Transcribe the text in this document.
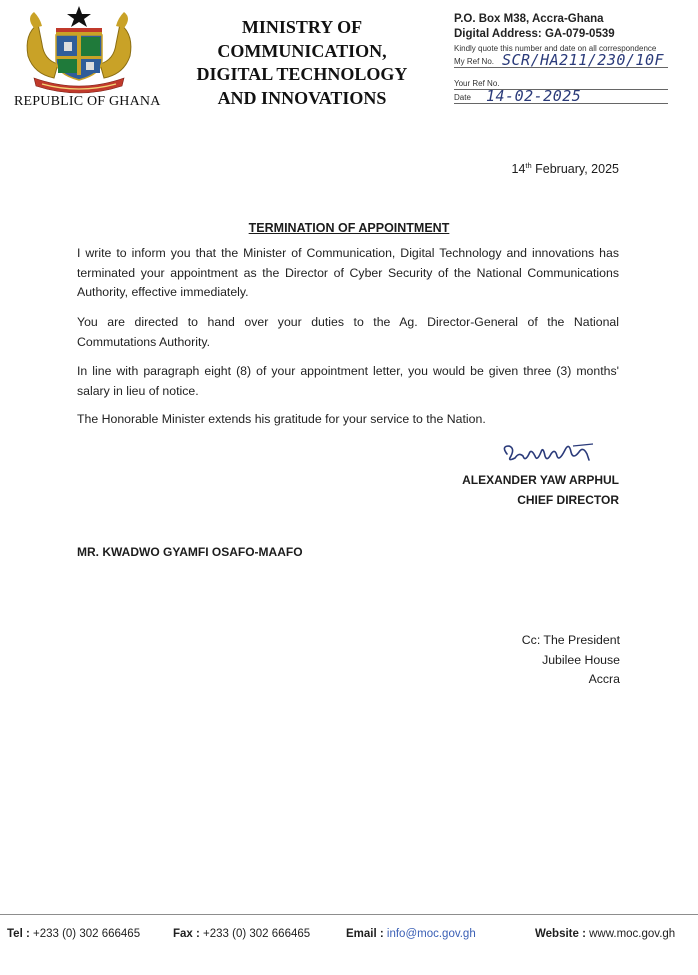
REPUBLIC OF GHANA
MINISTRY OF
COMMUNICATION,
DIGITAL TECHNOLOGY
AND INNOVATIONS
P.O. Box M38, Accra-Ghana
Digital Address: GA-079-0539
Kindly quote this number and date on all correspondence
My Ref No. SCR/HA211/230/10F
Your Ref No.
Date 14-02-2025
14th February, 2025
TERMINATION OF APPOINTMENT
I write to inform you that the Minister of Communication, Digital Technology and innovations has
terminated your appointment as the Director of Cyber Security of the National Communications
Authority, effective immediately.
You are directed to hand over your duties to the Ag. Director-General of the National
Commutations Authority.
In line with paragraph eight (8) of your appointment letter, you would be given three (3) months'
salary in lieu of notice.
The Honorable Minister extends his gratitude for your service to the Nation.
ALEXANDER YAW ARPHUL
CHIEF DIRECTOR
MR. KWADWO GYAMFI OSAFO-MAAFO
Cc: The President
Jubilee House
Accra
Tel : +233 (0) 302 666465	Fax : +233 (0) 302 666465	Email : info@moc.gov.gh	Website : www.moc.gov.gh
